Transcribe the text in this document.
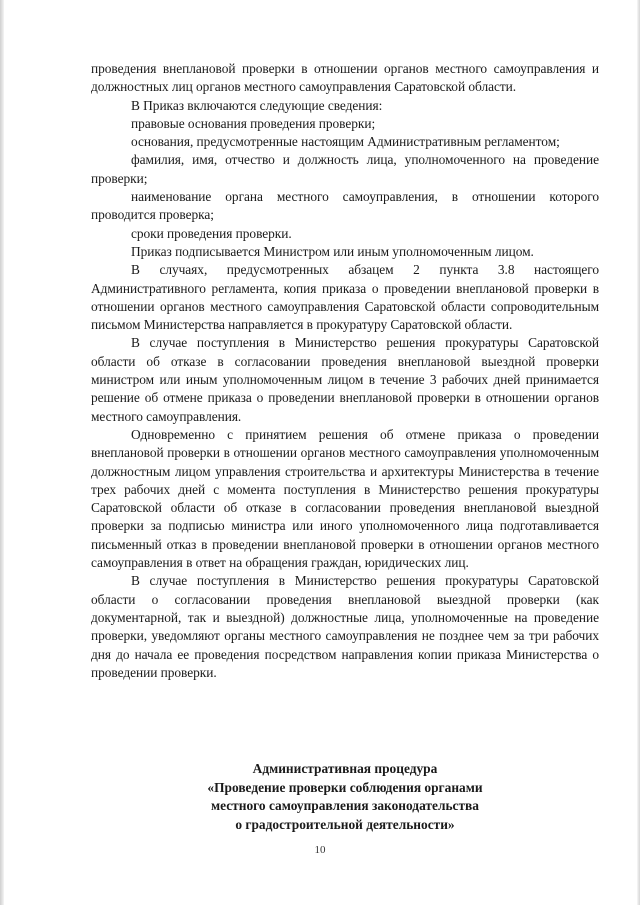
проведения внеплановой проверки в отношении органов местного самоуправления и должностных лиц органов местного самоуправления Саратовской области.

В Приказ включаются следующие сведения:

правовые основания проведения проверки;

основания, предусмотренные настоящим Административным регламентом;

фамилия, имя, отчество и должность лица, уполномоченного на проведение проверки;

наименование органа местного самоуправления, в отношении которого проводится проверка;

сроки проведения проверки.

Приказ подписывается Министром или иным уполномоченным лицом.

В случаях, предусмотренных абзацем 2 пункта 3.8 настоящего Административного регламента, копия приказа о проведении внеплановой проверки в отношении органов местного самоуправления Саратовской области сопроводительным письмом Министерства направляется в прокуратуру Саратовской области.

В случае поступления в Министерство решения прокуратуры Саратовской области об отказе в согласовании проведения внеплановой выездной проверки министром или иным уполномоченным лицом в течение 3 рабочих дней принимается решение об отмене приказа о проведении внеплановой проверки в отношении органов местного самоуправления.

Одновременно с принятием решения об отмене приказа о проведении внеплановой проверки в отношении органов местного самоуправления уполномоченным должностным лицом управления строительства и архитектуры Министерства в течение трех рабочих дней с момента поступления в Министерство решения прокуратуры Саратовской области об отказе в согласовании проведения внеплановой выездной проверки за подписью министра или иного уполномоченного лица подготавливается письменный отказ в проведении внеплановой проверки в отношении органов местного самоуправления в ответ на обращения граждан, юридических лиц.

В случае поступления в Министерство решения прокуратуры Саратовской области о согласовании проведения внеплановой выездной проверки (как документарной, так и выездной) должностные лица, уполномоченные на проведение проверки, уведомляют органы местного самоуправления не позднее чем за три рабочих дня до начала ее проведения посредством направления копии приказа Министерства о проведении проверки.

Административная процедура
«Проведение проверки соблюдения органами
местного самоуправления законодательства
о градостроительной деятельности»
10
